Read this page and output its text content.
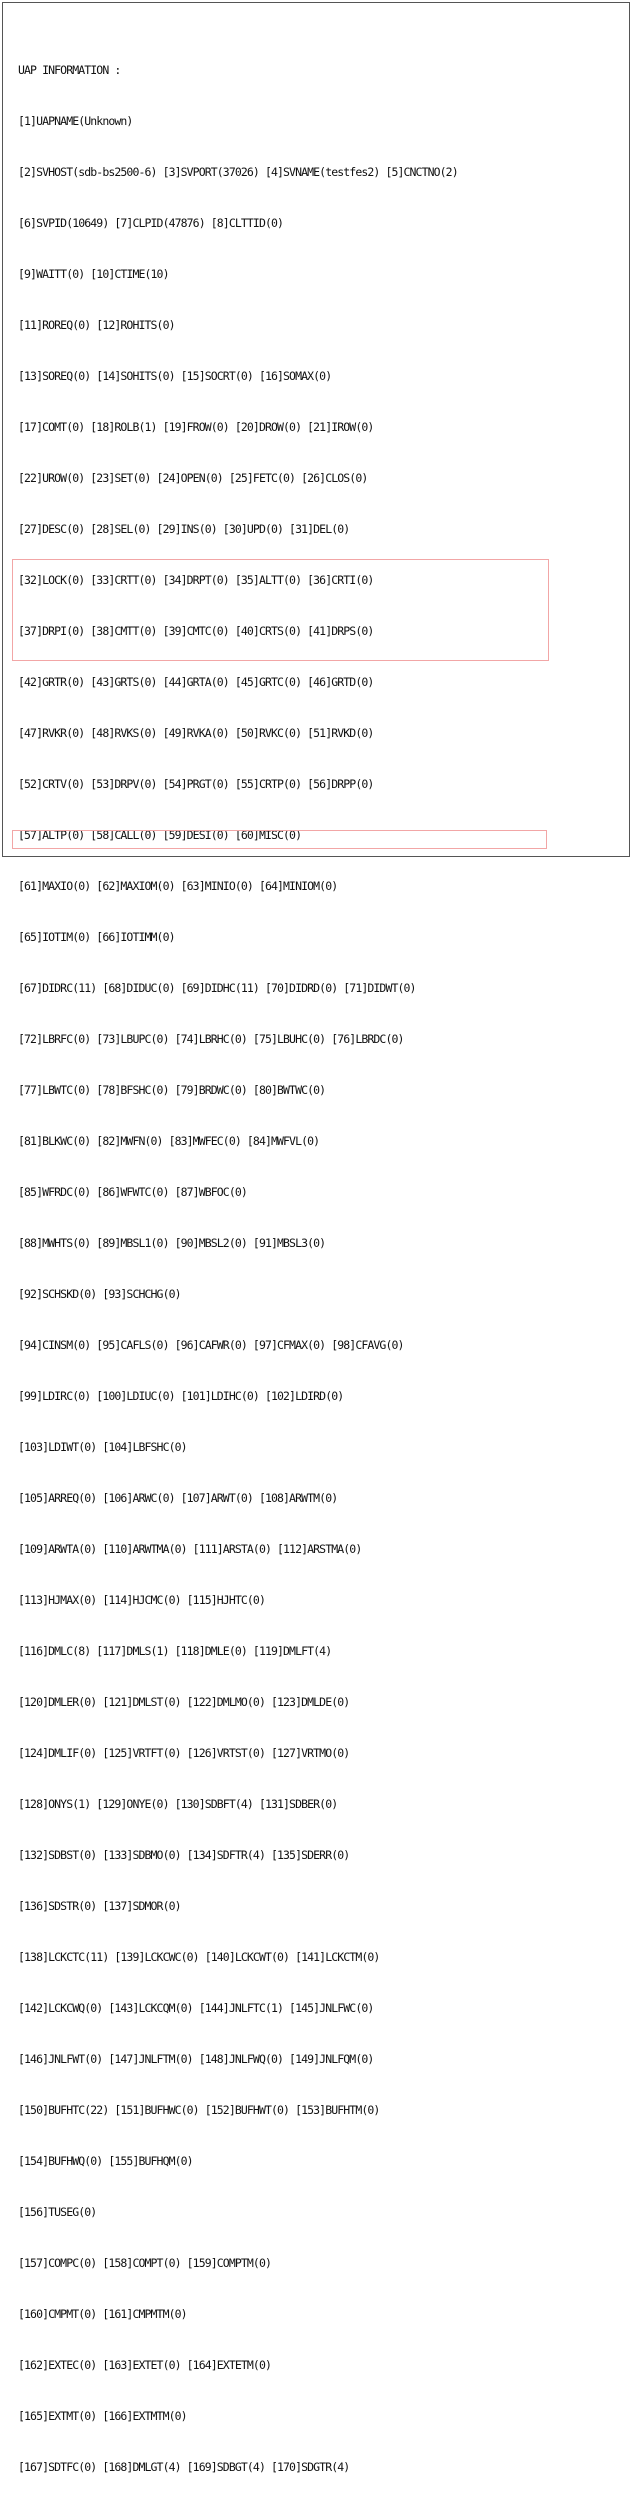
UAP INFORMATION :

[1]UAPNAME(Unknown)

[2]SVHOST(sdb-bs2500-6) [3]SVPORT(37026) [4]SVNAME(testfes2) [5]CNCTNO(2)

[6]SVPID(10649) [7]CLPID(47876) [8]CLTTID(0)

[9]WAITT(0) [10]CTIME(10)

[11]ROREQ(0) [12]ROHITS(0)

[13]SOREQ(0) [14]SOHITS(0) [15]SOCRT(0) [16]SOMAX(0)

[17]COMT(0) [18]ROLB(1) [19]FROW(0) [20]DROW(0) [21]IROW(0)

[22]UROW(0) [23]SET(0) [24]OPEN(0) [25]FETC(0) [26]CLOS(0)

[27]DESC(0) [28]SEL(0) [29]INS(0) [30]UPD(0) [31]DEL(0)

[32]LOCK(0) [33]CRTT(0) [34]DRPT(0) [35]ALTT(0) [36]CRTI(0)

[37]DRPI(0) [38]CMTT(0) [39]CMTC(0) [40]CRTS(0) [41]DRPS(0)

[42]GRTR(0) [43]GRTS(0) [44]GRTA(0) [45]GRTC(0) [46]GRTD(0)

[47]RVKR(0) [48]RVKS(0) [49]RVKA(0) [50]RVKC(0) [51]RVKD(0)

[52]CRTV(0) [53]DRPV(0) [54]PRGT(0) [55]CRTP(0) [56]DRPP(0)

[57]ALTP(0) [58]CALL(0) [59]DESI(0) [60]MISC(0)

[61]MAXIO(0) [62]MAXIOM(0) [63]MINIO(0) [64]MINIOM(0)

[65]IOTIM(0) [66]IOTIMM(0)

[67]DIDRC(11) [68]DIDUC(0) [69]DIDHC(11) [70]DIDRD(0) [71]DIDWT(0)

[72]LBRFC(0) [73]LBUPC(0) [74]LBRHC(0) [75]LBUHC(0) [76]LBRDC(0)

[77]LBWTC(0) [78]BFSHC(0) [79]BRDWC(0) [80]BWTWC(0)

[81]BLKWC(0) [82]MWFN(0) [83]MWFEC(0) [84]MWFVL(0)

[85]WFRDC(0) [86]WFWTC(0) [87]WBFOC(0)

[88]MWHTS(0) [89]MBSL1(0) [90]MBSL2(0) [91]MBSL3(0)

[92]SCHSKD(0) [93]SCHCHG(0)

[94]CINSM(0) [95]CAFLS(0) [96]CAFWR(0) [97]CFMAX(0) [98]CFAVG(0)

[99]LDIRC(0) [100]LDIUC(0) [101]LDIHC(0) [102]LDIRD(0)

[103]LDIWT(0) [104]LBFSHC(0)

[105]ARREQ(0) [106]ARWC(0) [107]ARWT(0) [108]ARWTM(0)

[109]ARWTA(0) [110]ARWTMA(0) [111]ARSTA(0) [112]ARSTMA(0)

[113]HJMAX(0) [114]HJCMC(0) [115]HJHTC(0)

[116]DMLC(8) [117]DMLS(1) [118]DMLE(0) [119]DMLFT(4)

[120]DMLER(0) [121]DMLST(0) [122]DMLMO(0) [123]DMLDE(0)

[124]DMLIF(0) [125]VRTFT(0) [126]VRTST(0) [127]VRTMO(0)

[128]ONYS(1) [129]ONYE(0) [130]SDBFT(4) [131]SDBER(0)

[132]SDBST(0) [133]SDBMO(0) [134]SDFTR(4) [135]SDERR(0)

[136]SDSTR(0) [137]SDMOR(0)

[138]LCKCTC(11) [139]LCKCWC(0) [140]LCKCWT(0) [141]LCKCTM(0)

[142]LCKCWQ(0) [143]LCKCQM(0) [144]JNLFTC(1) [145]JNLFWC(0)

[146]JNLFWT(0) [147]JNLFTM(0) [148]JNLFWQ(0) [149]JNLFQM(0)

[150]BUFHTC(22) [151]BUFHWC(0) [152]BUFHWT(0) [153]BUFHTM(0)

[154]BUFHWQ(0) [155]BUFHQM(0)

[156]TUSEG(0)

[157]COMPC(0) [158]COMPT(0) [159]COMPTM(0)

[160]CMPMT(0) [161]CMPMTM(0)

[162]EXTEC(0) [163]EXTET(0) [164]EXTETM(0)

[165]EXTMT(0) [166]EXTMTM(0)

[167]SDTFC(0) [168]DMLGT(4) [169]SDBGT(4) [170]SDGTR(4)
